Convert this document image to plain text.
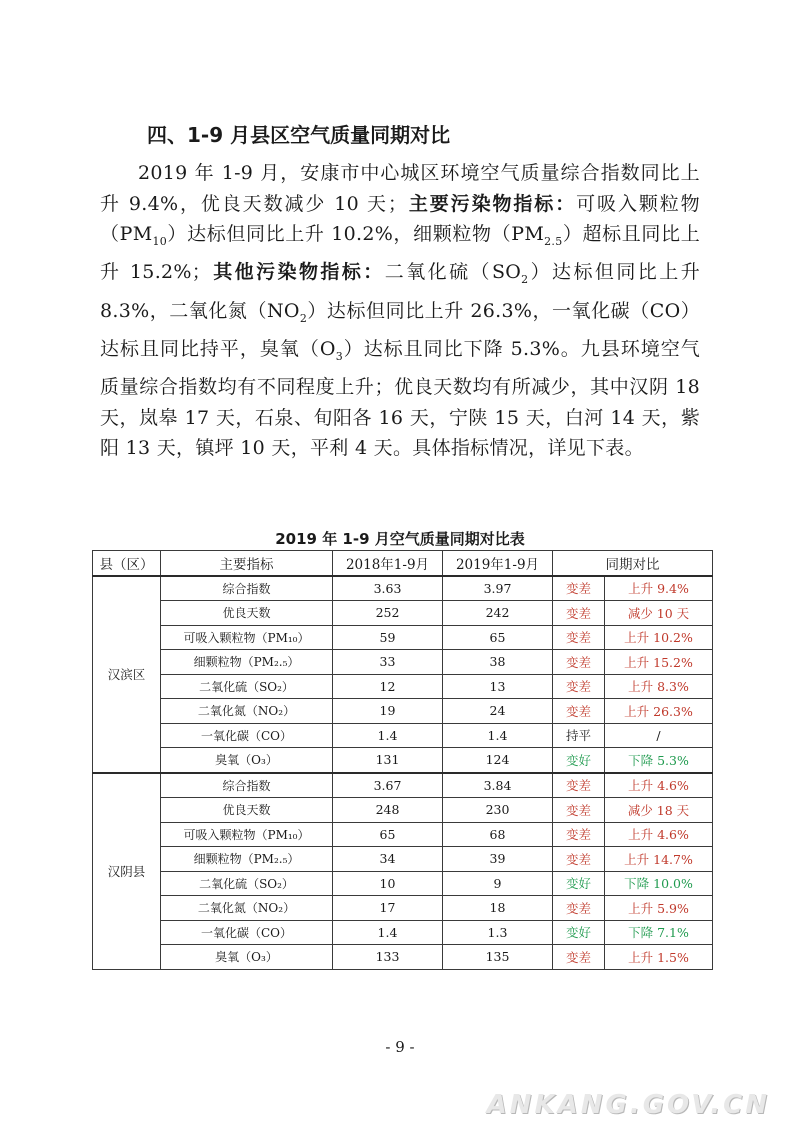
四、1-9 月县区空气质量同期对比

2019 年 1-9 月，安康市中心城区环境空气质量综合指数同比上升 9.4%，优良天数减少 10 天；主要污染物指标：可吸入颗粒物$(PM_{10})$达标但同比上升 10.2%，细颗粒物$(PM_{2.5})$超标且同比上升 15.2%；其他污染物指标：二氧化硫$(SO_2)$达标但同比上升 8.3%，二氧化氮$(NO_2)$达标但同比上升 26.3%，一氧化碳（CO）达标且同比持平，臭氧$(O_3)$达标且同比下降 5.3%。九县环境空气质量综合指数均有不同程度上升；优良天数均有所减少，其中汉阴 18 天，岚皋 17 天，石泉、旬阳各 16 天，宁陕 15 天，白河 14 天，紫阳 13 天，镇坪 10 天，平利 4 天。具体指标情况，详见下表。

2019 年 1-9 月空气质量同期对比表
县（区）	主要指标	2018年1-9月	2019年1-9月	同期对比	
汉滨区	综合指数	3.63	3.97	变差	上升 9.4%
	优良天数	252	242	变差	减少 10 天
	可吸入颗粒物（PM₁₀）	59	65	变差	上升 10.2%
	细颗粒物（PM₂.₅）	33	38	变差	上升 15.2%
	二氧化硫（SO₂）	12	13	变差	上升 8.3%
	二氧化氮（NO₂）	19	24	变差	上升 26.3%
	一氧化碳（CO）	1.4	1.4	持平	/
	臭氧（O₃）	131	124	变好	下降 5.3%
汉阴县	综合指数	3.67	3.84	变差	上升 4.6%
	优良天数	248	230	变差	减少 18 天
	可吸入颗粒物（PM₁₀）	65	68	变差	上升 4.6%
	细颗粒物（PM₂.₅）	34	39	变差	上升 14.7%
	二氧化硫（SO₂）	10	9	变好	下降 10.0%
	二氧化氮（NO₂）	17	18	变差	上升 5.9%
	一氧化碳（CO）	1.4	1.3	变好	下降 7.1%
	臭氧（O₃）	133	135	变差	上升 1.5%
- 9 -
ANKANG.GOV.CN
